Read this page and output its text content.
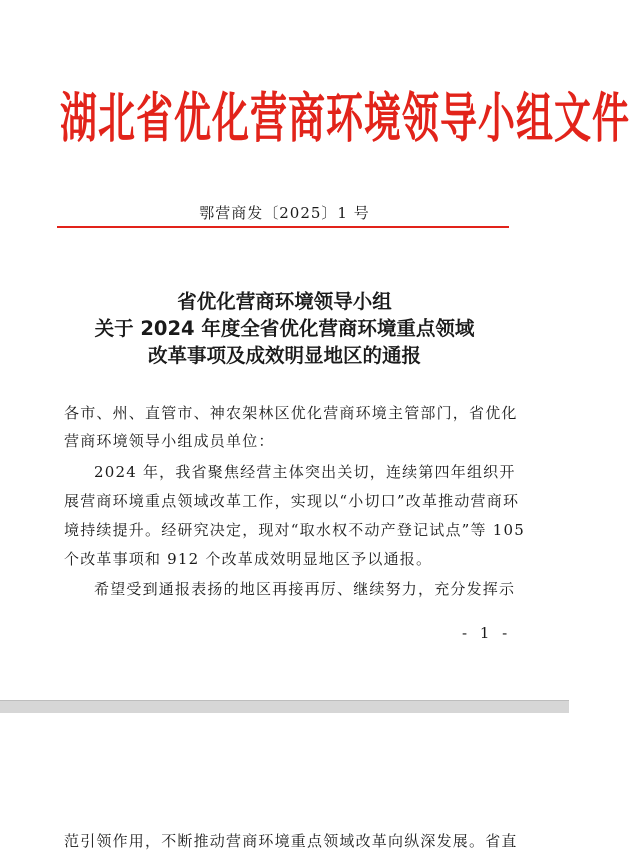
湖北省优化营商环境领导小组文件
鄂营商发〔2025〕1 号
省优化营商环境领导小组
关于 2024 年度全省优化营商环境重点领域
改革事项及成效明显地区的通报
各市、州、直管市、神农架林区优化营商环境主管部门，省优化
营商环境领导小组成员单位：
2024 年，我省聚焦经营主体突出关切，连续第四年组织开
展营商环境重点领域改革工作，实现以“小切口”改革推动营商环
境持续提升。经研究决定，现对“取水权不动产登记试点”等 105
个改革事项和 912 个改革成效明显地区予以通报。
希望受到通报表扬的地区再接再厉、继续努力，充分发挥示
- 1 -
范引领作用，不断推动营商环境重点领域改革向纵深发展。省直
